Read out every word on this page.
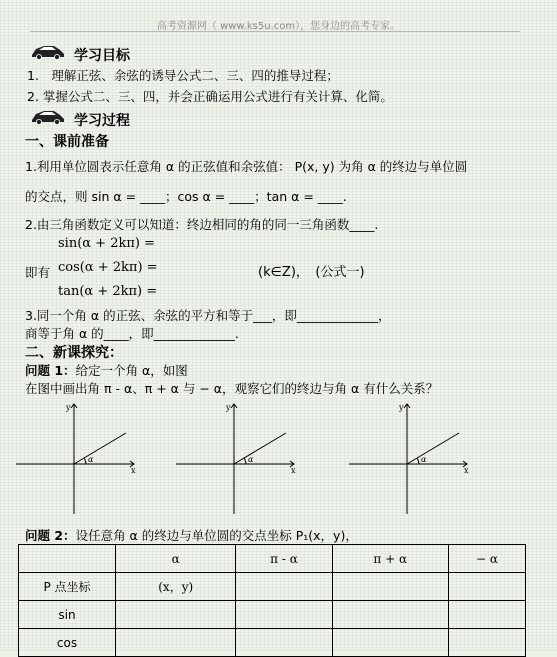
高考资源网（ www.ks5u.com），您身边的高考专家。
学习目标
1.　理解正弦、余弦的诱导公式二、三、四的推导过程；
2. 掌握公式二、三、四，并会正确运用公式进行有关计算、化简。
学习过程
一、课前准备
1.利用单位圆表示任意角 α 的正弦值和余弦值： P(x, y) 为角 α 的终边与单位圆
的交点，则 sin α = ____；cos α = ____；tan α = ____.
2.由三角函数定义可以知道：终边相同的角的同一三角函数____.
sin(α + 2kπ) =
即有 cos(α + 2kπ) =	(k∈Z)，　(公式一)
tan(α + 2kπ) =
3.同一个角 α 的正弦、余弦的平方和等于___，即_____________，
商等于角 α 的____，即_____________.
二、新课探究：
问题 1：给定一个角 α，如图
在图中画出角 π - α、π + α 与 − α，观察它们的终边与角 α 有什么关系？
y
x
α
y
x
α
y
x
α
问题 2：设任意角 α 的终边与单位圆的交点坐标 P₁(x，y)，
	α	π - α	π + α	− α
P 点坐标	(x，y)			
sin				
cos				
